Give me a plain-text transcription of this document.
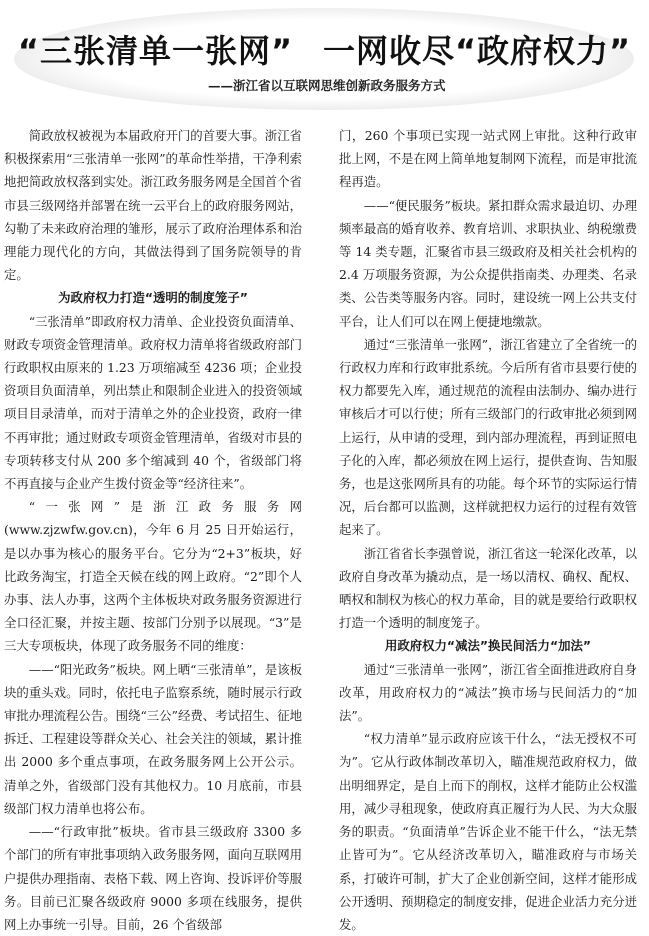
“三张清单一张网” 一网收尽“政府权力”
——浙江省以互联网思维创新政务服务方式

简政放权被视为本届政府开门的首要大事。浙江省积极探索用“三张清单一张网”的革命性举措，干净利索地把简政放权落到实处。浙江政务服务网是全国首个省市县三级网络并部署在统一云平台上的政府服务网站，勾勒了未来政府治理的雏形，展示了政府治理体系和治理能力现代化的方向，其做法得到了国务院领导的肯定。

为政府权力打造“透明的制度笼子”

“三张清单”即政府权力清单、企业投资负面清单、财政专项资金管理清单。政府权力清单将省级政府部门行政职权由原来的 1.23 万项缩减至 4236 项；企业投资项目负面清单，列出禁止和限制企业进入的投资领域项目目录清单，而对于清单之外的企业投资，政府一律不再审批；通过财政专项资金管理清单，省级对市县的专项转移支付从 200 多个缩减到 40 个，省级部门将不再直接与企业产生拨付资金等“经济往来”。

“一张网”是浙江政务服务网(www.zjzwfw.gov.cn)，今年 6 月 25 日开始运行，是以办事为核心的服务平台。它分为“2+3”板块，好比政务淘宝，打造全天候在线的网上政府。“2”即个人办事、法人办事，这两个主体板块对政务服务资源进行全口径汇聚，并按主题、按部门分别予以展现。“3”是三大专项板块，体现了政务服务不同的维度：

——“阳光政务”板块。网上晒“三张清单”，是该板块的重头戏。同时，依托电子监察系统，随时展示行政审批办理流程公告。围绕“三公”经费、考试招生、征地拆迁、工程建设等群众关心、社会关注的领域，累计推出 2000 多个重点事项，在政务服务网上公开公示。清单之外，省级部门没有其他权力。10 月底前，市县级部门权力清单也将公布。

——“行政审批”板块。省市县三级政府 3300 多个部门的所有审批事项纳入政务服务网，面向互联网用户提供办理指南、表格下载、网上咨询、投诉评价等服务。目前已汇聚各级政府 9000 多项在线服务，提供网上办事统一引导。目前，26 个省级部

门，260 个事项已实现一站式网上审批。这种行政审批上网，不是在网上简单地复制网下流程，而是审批流程再造。

——“便民服务”板块。紧扣群众需求最迫切、办理频率最高的婚育收养、教育培训、求职执业、纳税缴费等 14 类专题，汇聚省市县三级政府及相关社会机构的 2.4 万项服务资源，为公众提供指南类、办理类、名录类、公告类等服务内容。同时，建设统一网上公共支付平台，让人们可以在网上便捷地缴款。

通过“三张清单一张网”，浙江省建立了全省统一的行政权力库和行政审批系统。今后所有省市县要行使的权力都要先入库，通过规范的流程由法制办、编办进行审核后才可以行使；所有三级部门的行政审批必须到网上运行，从申请的受理，到内部办理流程，再到证照电子化的入库，都必须放在网上运行，提供查询、告知服务，也是这张网所具有的功能。每个环节的实际运行情况，后台都可以监测，这样就把权力运行的过程有效管起来了。

浙江省省长李强曾说，浙江省这一轮深化改革，以政府自身改革为撬动点，是一场以清权、确权、配权、晒权和制权为核心的权力革命，目的就是要给行政职权打造一个透明的制度笼子。

用政府权力“减法”换民间活力“加法”

通过“三张清单一张网”，浙江省全面推进政府自身改革，用政府权力的“减法”换市场与民间活力的“加法”。

“权力清单”显示政府应该干什么，“法无授权不可为”。它从行政体制改革切入，瞄准规范政府权力，做出明细界定，是自上而下的削权，这样才能防止公权滥用，减少寻租现象，使政府真正履行为人民、为大众服务的职责。“负面清单”告诉企业不能干什么，“法无禁止皆可为”。它从经济改革切入，瞄准政府与市场关系，打破许可制，扩大了企业创新空间，这样才能形成公开透明、预期稳定的制度安排，促进企业活力充分迸发。
